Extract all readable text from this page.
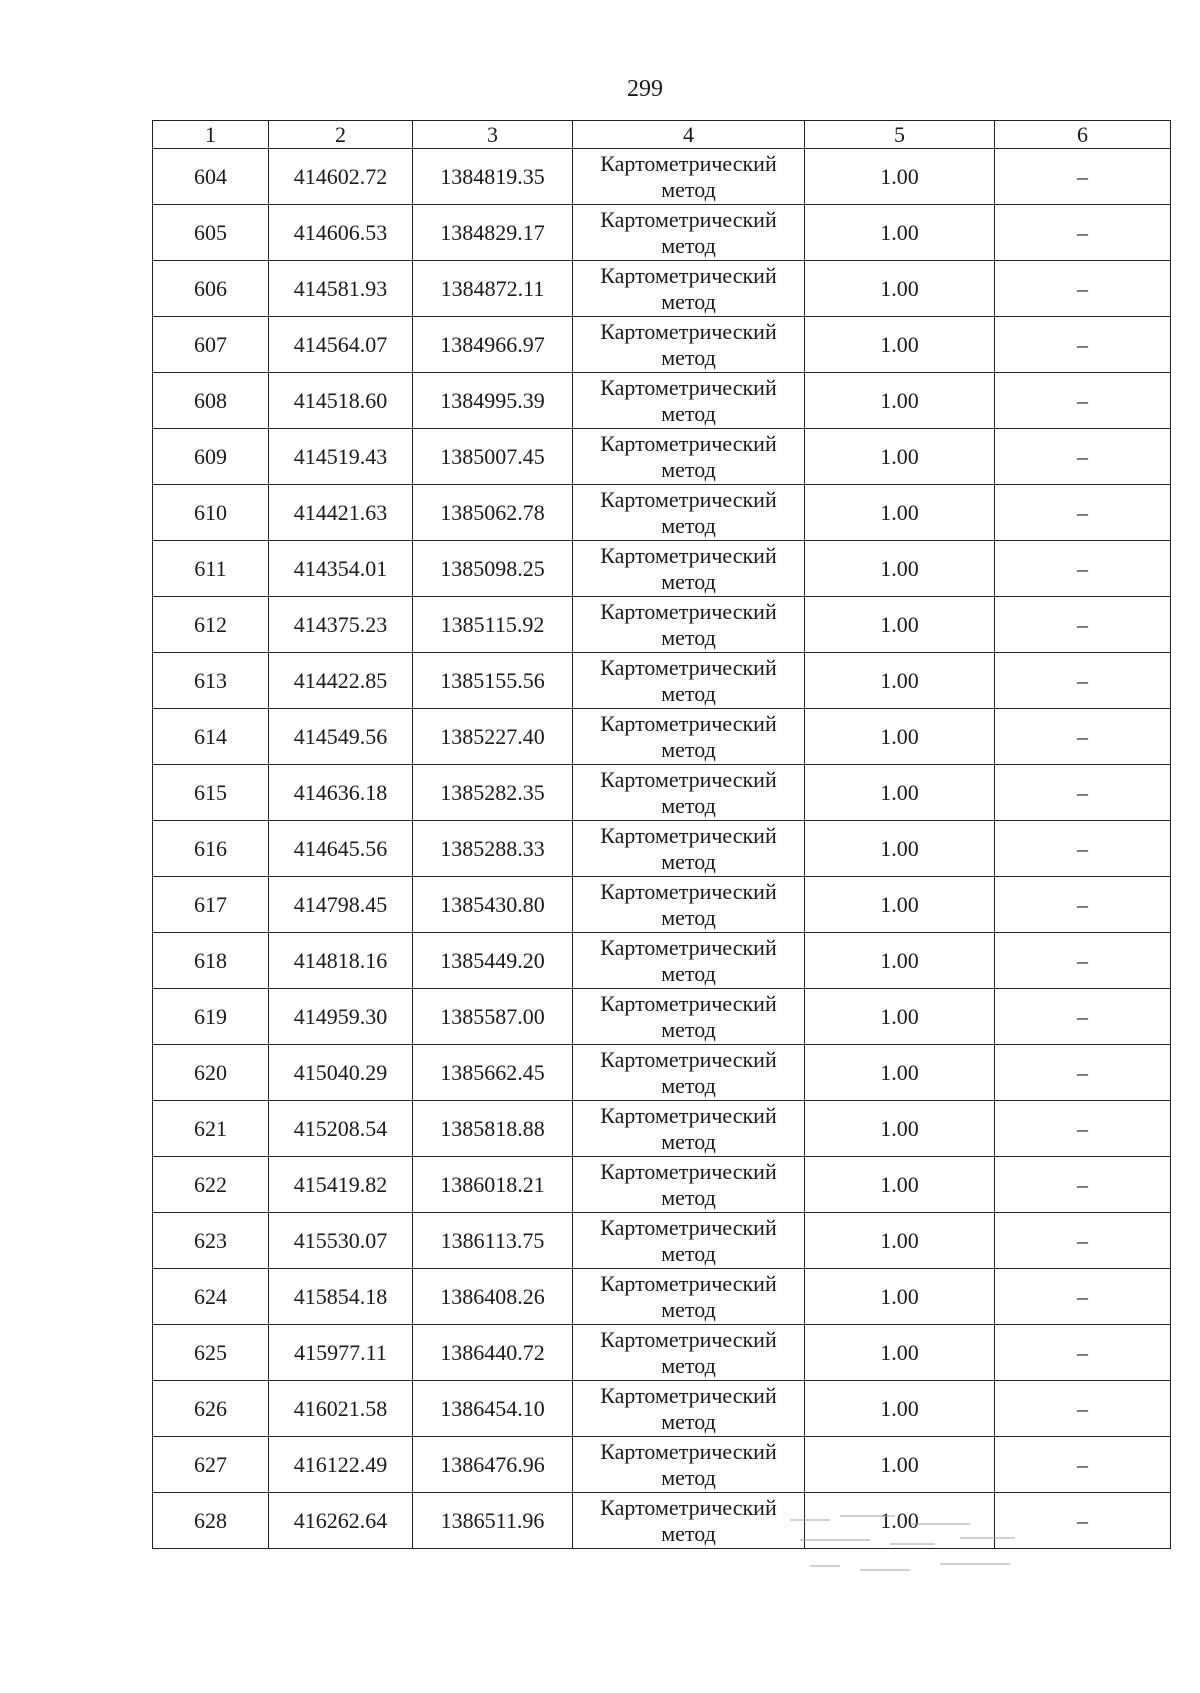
299
1	2	3	4	5	6
604	414602.72	1384819.35	Картометрический метод	1.00	–
605	414606.53	1384829.17	Картометрический метод	1.00	–
606	414581.93	1384872.11	Картометрический метод	1.00	–
607	414564.07	1384966.97	Картометрический метод	1.00	–
608	414518.60	1384995.39	Картометрический метод	1.00	–
609	414519.43	1385007.45	Картометрический метод	1.00	–
610	414421.63	1385062.78	Картометрический метод	1.00	–
611	414354.01	1385098.25	Картометрический метод	1.00	–
612	414375.23	1385115.92	Картометрический метод	1.00	–
613	414422.85	1385155.56	Картометрический метод	1.00	–
614	414549.56	1385227.40	Картометрический метод	1.00	–
615	414636.18	1385282.35	Картометрический метод	1.00	–
616	414645.56	1385288.33	Картометрический метод	1.00	–
617	414798.45	1385430.80	Картометрический метод	1.00	–
618	414818.16	1385449.20	Картометрический метод	1.00	–
619	414959.30	1385587.00	Картометрический метод	1.00	–
620	415040.29	1385662.45	Картометрический метод	1.00	–
621	415208.54	1385818.88	Картометрический метод	1.00	–
622	415419.82	1386018.21	Картометрический метод	1.00	–
623	415530.07	1386113.75	Картометрический метод	1.00	–
624	415854.18	1386408.26	Картометрический метод	1.00	–
625	415977.11	1386440.72	Картометрический метод	1.00	–
626	416021.58	1386454.10	Картометрический метод	1.00	–
627	416122.49	1386476.96	Картометрический метод	1.00	–
628	416262.64	1386511.96	Картометрический метод	1.00	–
